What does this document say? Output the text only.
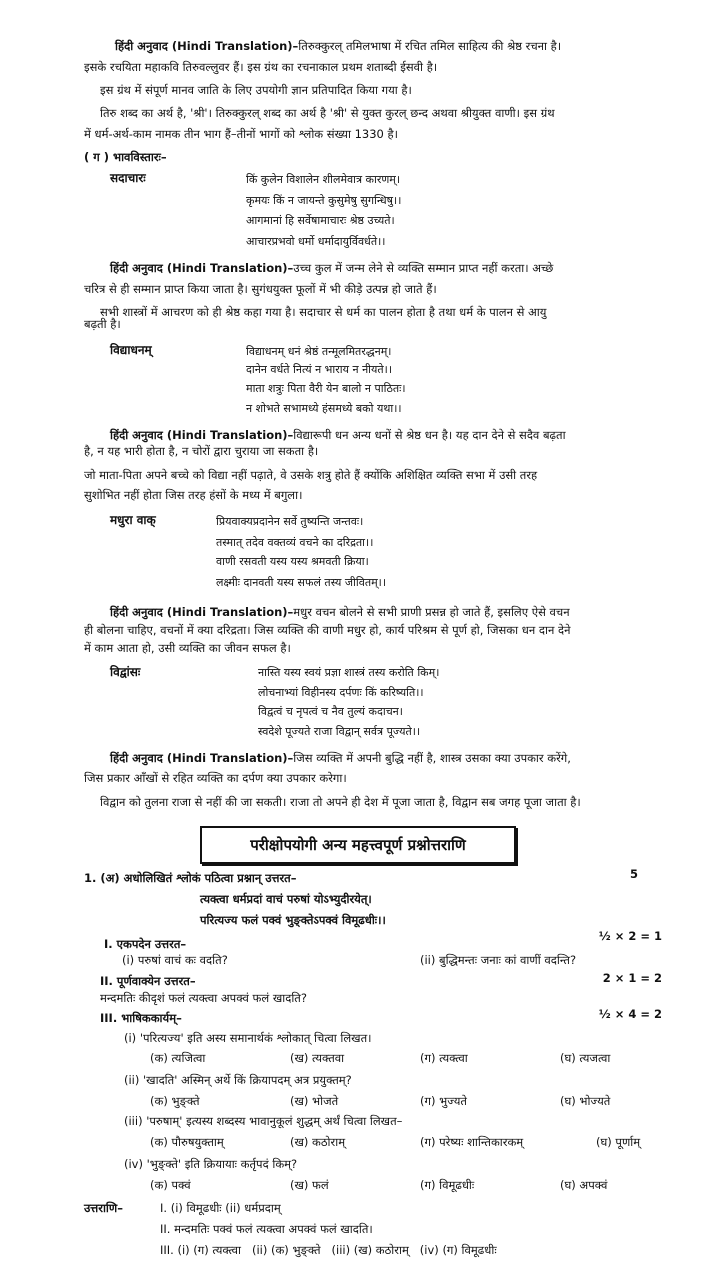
हिंदी अनुवाद (Hindi Translation)–तिरुक्कुरल् तमिलभाषा में रचित तमिल साहित्य की श्रेष्ठ रचना है।
इसके रचयिता महाकवि तिरुवल्लुवर हैं। इस ग्रंथ का रचनाकाल प्रथम शताब्दी ईसवी है।
इस ग्रंथ में संपूर्ण मानव जाति के लिए उपयोगी ज्ञान प्रतिपादित किया गया है।
तिरु शब्द का अर्थ है, 'श्री'। तिरुक्कुरल् शब्द का अर्थ है 'श्री' से युक्त कुरल् छन्द अथवा श्रीयुक्त वाणी। इस ग्रंथ
में धर्म-अर्थ-काम नामक तीन भाग हैं–तीनों भागों को श्लोक संख्या 1330 है।
( ग ) भावविस्तारः–
सदाचारः	किं कुलेन विशालेन शीलमेवात्र कारणम्।
कृमयः किं न जायन्ते कुसुमेषु सुगन्धिषु।।
आगमानां हि सर्वेषामाचारः श्रेष्ठ उच्यते।
आचारप्रभवो धर्मो धर्मादायुर्विवर्धते।।
हिंदी अनुवाद (Hindi Translation)–उच्च कुल में जन्म लेने से व्यक्ति सम्मान प्राप्त नहीं करता। अच्छे
चरित्र से ही सम्मान प्राप्त किया जाता है। सुगंधयुक्त फूलों में भी कीड़े उत्पन्न हो जाते हैं।
सभी शास्त्रों में आचरण को ही श्रेष्ठ कहा गया है। सदाचार से धर्म का पालन होता है तथा धर्म के पालन से आयु
बढ़ती है।
विद्याधनम्	विद्याधनम् धनं श्रेष्ठं तन्मूलमितरद्धनम्।
दानेन वर्धते नित्यं न भाराय न नीयते।।
माता शत्रुः पिता वैरी येन बालो न पाठितः।
न शोभते सभामध्ये हंसमध्ये बको यथा।।
हिंदी अनुवाद (Hindi Translation)–विद्यारूपी धन अन्य धनों से श्रेष्ठ धन है। यह दान देने से सदैव बढ़ता
है, न यह भारी होता है, न चोरों द्वारा चुराया जा सकता है।
जो माता-पिता अपने बच्चे को विद्या नहीं पढ़ाते, वे उसके शत्रु होते हैं क्योंकि अशिक्षित व्यक्ति सभा में उसी तरह
सुशोभित नहीं होता जिस तरह हंसों के मध्य में बगुला।
मधुरा वाक्	प्रियवाक्यप्रदानेन सर्वे तुष्यन्ति जन्तवः।
तस्मात् तदेव वक्तव्यं वचने का दरिद्रता।।
वाणी रसवती यस्य यस्य श्रमवती क्रिया।
लक्ष्मीः दानवती यस्य सफलं तस्य जीवितम्।।
हिंदी अनुवाद (Hindi Translation)–मधुर वचन बोलने से सभी प्राणी प्रसन्न हो जाते हैं, इसलिए ऐसे वचन
ही बोलना चाहिए, वचनों में क्या दरिद्रता। जिस व्यक्ति की वाणी मधुर हो, कार्य परिश्रम से पूर्ण हो, जिसका धन दान देने
में काम आता हो, उसी व्यक्ति का जीवन सफल है।
विद्वांसः	नास्ति यस्य स्वयं प्रज्ञा शास्त्रं तस्य करोति किम्।
लोचनाभ्यां विहीनस्य दर्पणः किं करिष्यति।।
विद्वत्वं च नृपत्वं च नैव तुल्यं कदाचन।
स्वदेशे पूज्यते राजा विद्वान् सर्वत्र पूज्यते।।
हिंदी अनुवाद (Hindi Translation)–जिस व्यक्ति में अपनी बुद्धि नहीं है, शास्त्र उसका क्या उपकार करेंगे,
जिस प्रकार आँखों से रहित व्यक्ति का दर्पण क्या उपकार करेगा।
विद्वान को तुलना राजा से नहीं की जा सकती। राजा तो अपने ही देश में पूजा जाता है, विद्वान सब जगह पूजा जाता है।
परीक्षोपयोगी अन्य महत्त्वपूर्ण प्रश्नोत्तराणि
1. (अ) अधोलिखितं श्लोकं पठित्वा प्रश्नान् उत्तरत–	5
त्यक्त्वा धर्मप्रदां वाचं परुषां योऽभ्युदीरयेत्।
परित्यज्य फलं पक्वं भुङ्क्तेऽपक्वं विमूढधीः।।
I. एकपदेन उत्तरत–
½ × 2 = 1
(i) परुषां वाचं कः वदति?	(ii) बुद्धिमन्तः जनाः कां वाणीं वदन्ति?
II. पूर्णवाक्येन उत्तरत–	2 × 1 = 2
मन्दमतिः कीदृशं फलं त्यक्त्वा अपक्वं फलं खादति?
III. भाषिककार्यम्–	½ × 4 = 2
(i) 'परित्यज्य' इति अस्य समानार्थकं श्लोकात् चित्वा लिखत।
(क) त्यजित्वा	(ख) त्यक्तवा	(ग) त्यक्त्वा	(घ) त्यजत्वा
(ii) 'खादति' अस्मिन् अर्थे किं क्रियापदम् अत्र प्रयुक्तम्?
(क) भुङ्क्ते	(ख) भोजते	(ग) भुज्यते	(घ) भोज्यते
(iii) 'परुषाम्' इत्यस्य शब्दस्य भावानुकूलं शुद्धम् अर्थं चित्वा लिखत–
(क) पौरुषयुक्ताम्	(ख) कठोराम्	(ग) परेष्यः शान्तिकारकम्	(घ) पूर्णाम्
(iv) 'भुङ्क्ते' इति क्रियायाः कर्तृपदं किम्?
(क) पक्वं	(ख) फलं	(ग) विमूढधीः	(घ) अपक्वं
उत्तराणि–	I. (i) विमूढधीः (ii) धर्मप्रदाम्
II. मन्दमतिः पक्वं फलं त्यक्त्वा अपक्वं फलं खादति।
III. (i) (ग) त्यक्त्वा   (ii) (क) भुङ्क्ते   (iii) (ख) कठोराम्   (iv) (ग) विमूढधीः
